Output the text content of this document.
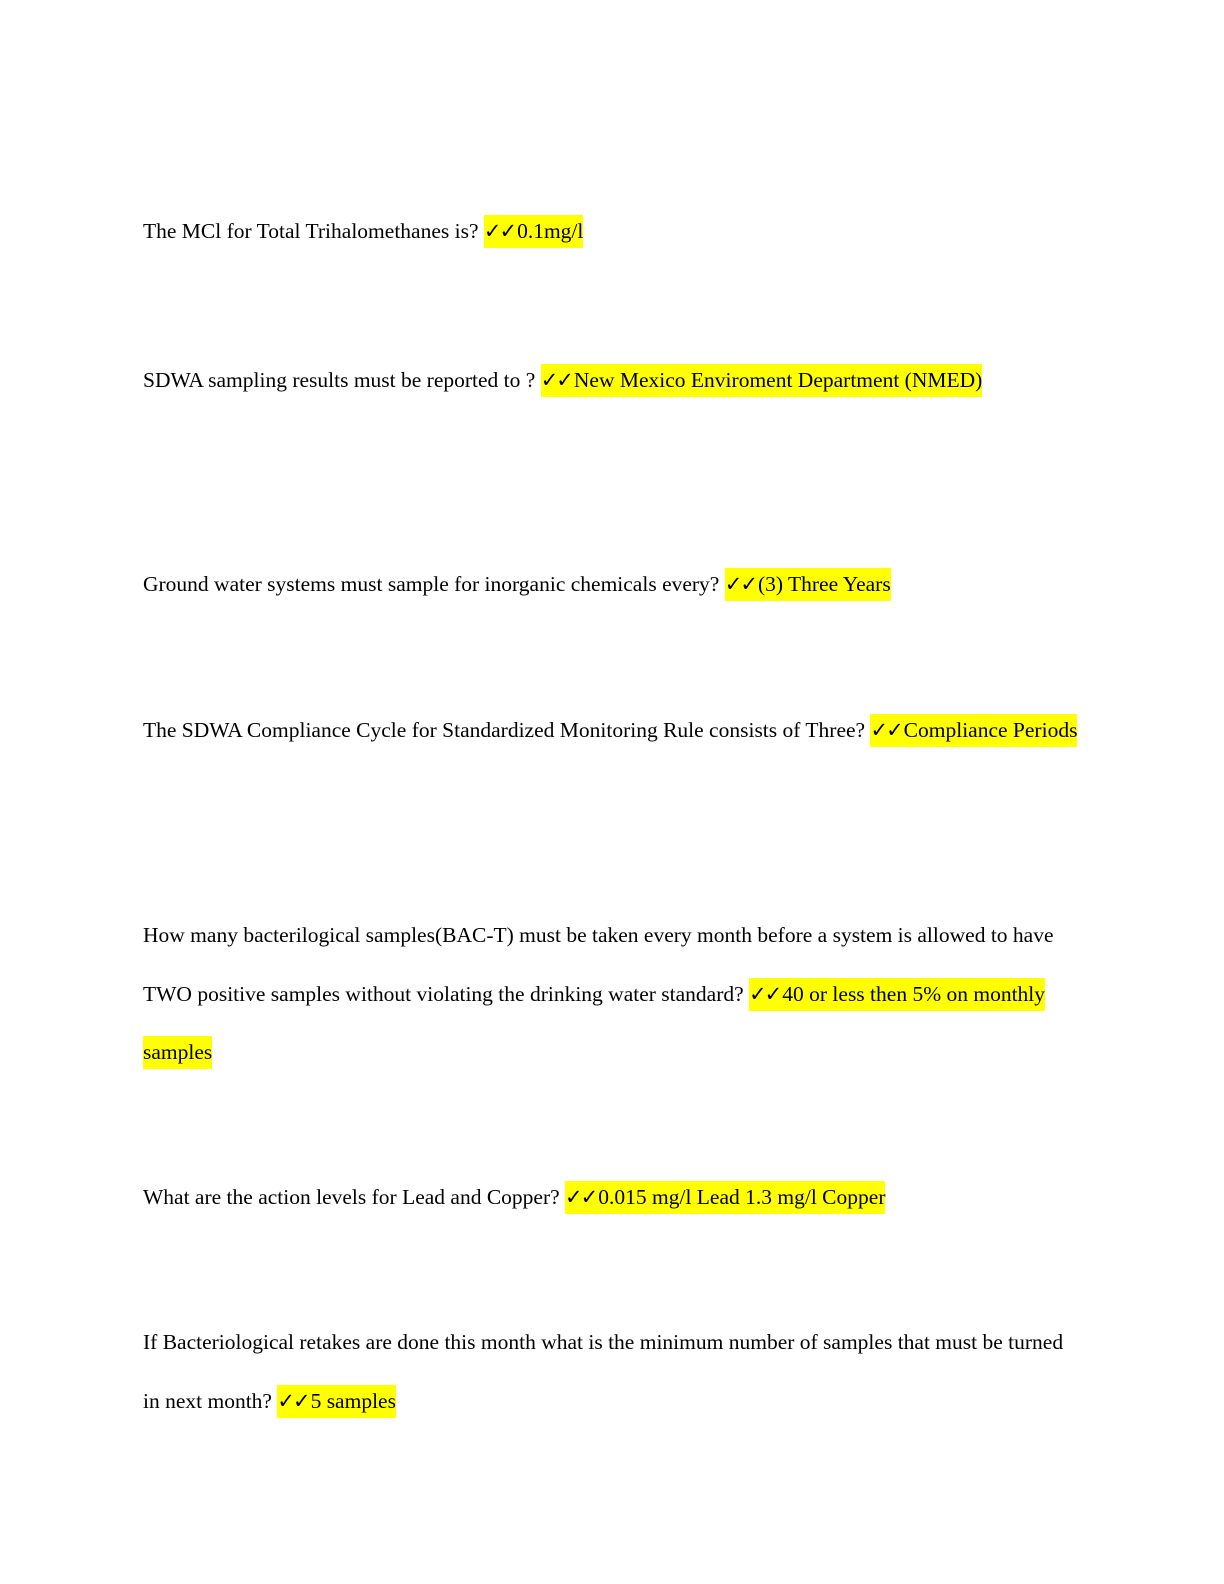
The MCl for Total Trihalomethanes is? ✓✓0.1mg/l

SDWA sampling results must be reported to ? ✓✓New Mexico Enviroment Department (NMED)

Ground water systems must sample for inorganic chemicals every? ✓✓(3) Three Years

The SDWA Compliance Cycle for Standardized Monitoring Rule consists of Three? ✓✓Compliance Periods

How many bacterilogical samples(BAC-T) must be taken every month before a system is allowed to have TWO positive samples without violating the drinking water standard? ✓✓40 or less then 5% on monthly samples

What are the action levels for Lead and Copper? ✓✓0.015 mg/l Lead 1.3 mg/l Copper

If Bacteriological retakes are done this month what is the minimum number of samples that must be turned in next month? ✓✓5 samples
